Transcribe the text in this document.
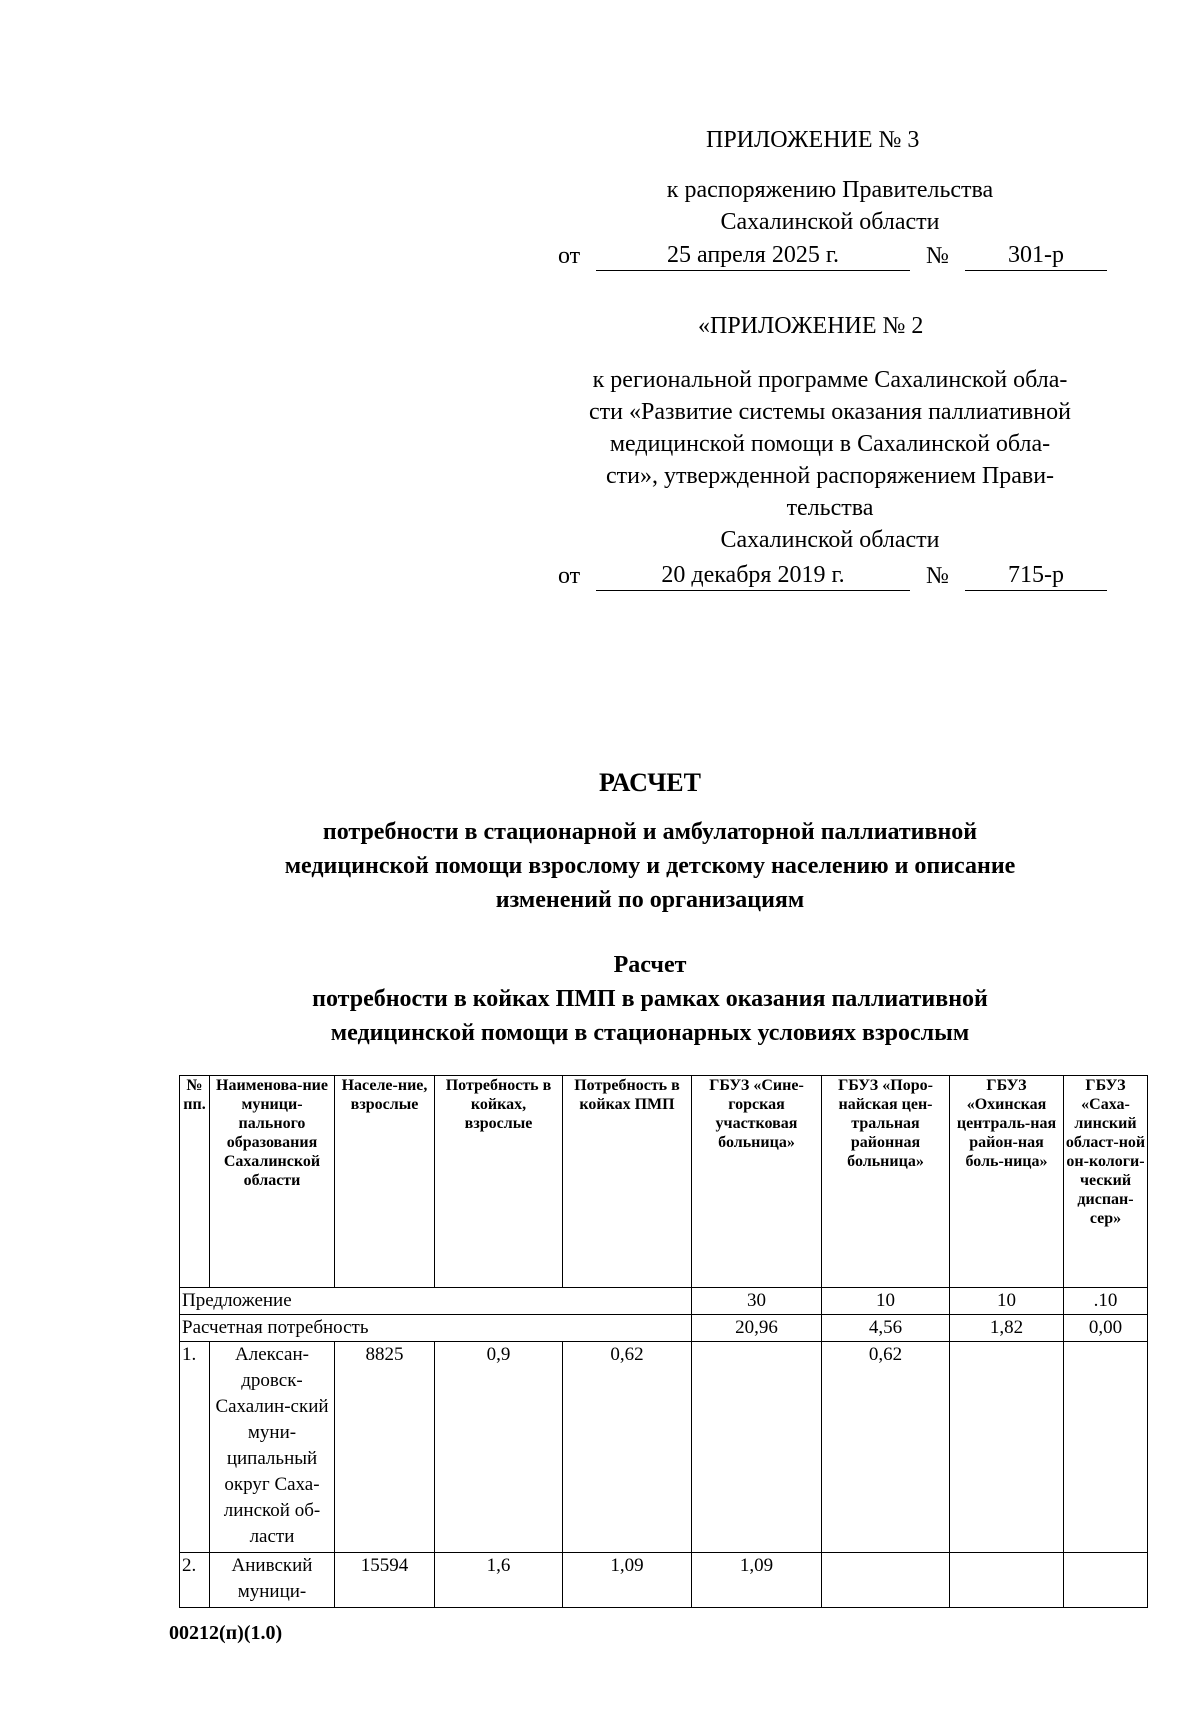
ПРИЛОЖЕНИЕ № 3
к распоряжению Правительства
Сахалинской области
от	25 апреля 2025 г.	№	301-р
«ПРИЛОЖЕНИЕ № 2
к региональной программе Сахалинской обла-
сти «Развитие системы оказания паллиативной
медицинской помощи в Сахалинской обла-
сти», утвержденной распоряжением Прави-
тельства
Сахалинской области
от	20 декабря 2019 г.	№	715-р
РАСЧЕТ
потребности в стационарной и амбулаторной паллиативной
медицинской помощи взрослому и детскому населению и описание
изменений по организациям
Расчет
потребности в койках ПМП в рамках оказания паллиативной
медицинской помощи в стационарных условиях взрослым
№ пп.	Наименова-ние муници-пального образования Сахалинской области	Населе-ние, взрослые	Потребность в койках, взрослые	Потребность в койках ПМП	ГБУЗ «Сине-горская участковая больница»	ГБУЗ «Поро-найская цен-тральная районная больница»	ГБУЗ «Охинская централь-ная район-ная боль-ница»	ГБУЗ «Саха-линский област-ной он-кологи-ческий диспан-сер»
Предложение					30	10	10	.10
Расчетная потребность					20,96	4,56	1,82	0,00
1.	Алексан-дровск-Сахалин-ский муни-ципальный округ Саха-линской об-ласти	8825	0,9	0,62		0,62		
2.	Анивский муници-	15594	1,6	1,09	1,09			
00212(п)(1.0)
